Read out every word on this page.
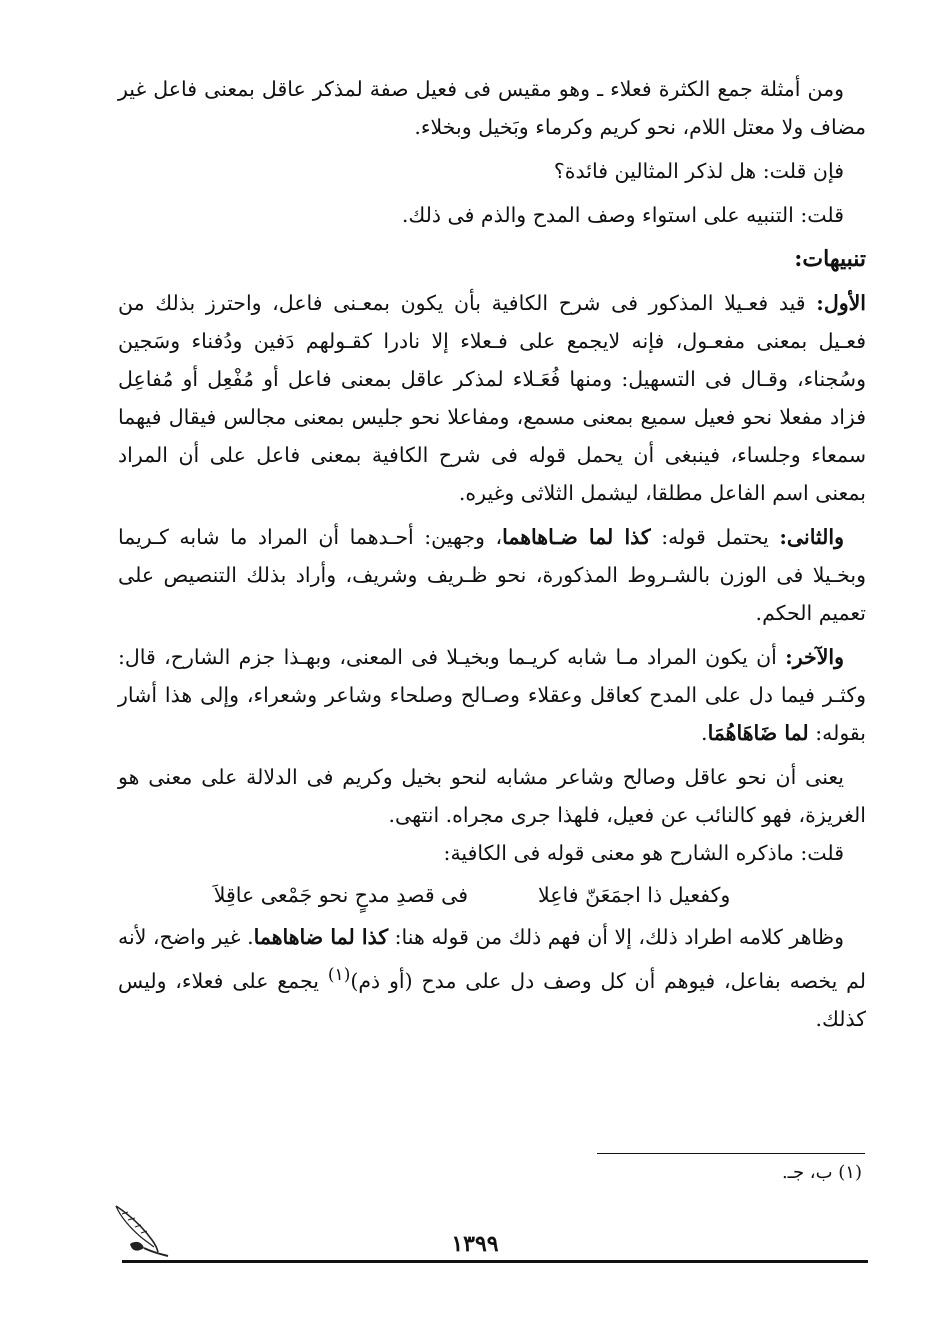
ومن أمثلة جمع الكثرة فعلاء ـ وهو مقيس فى فعيل صفة لمذكر عاقل بمعنى فاعل غير مضاف ولا معتل اللام، نحو كريم وكرماء وبَخيل وبخلاء.

فإن قلت: هل لذكر المثالين فائدة؟

قلت: التنبيه على استواء وصف المدح والذم فى ذلك.

تنبيهات:

الأول: قيد فعـيلا المذكور فى شرح الكافية بأن يكون بمعـنى فاعل، واحترز بذلك من فعـيل بمعنى مفعـول، فإنه لايجمع على فـعلاء إلا نادرا كقـولهم دَفين ودُفناء وسَجين وسُجناء، وقـال فى التسهيل: ومنها فُعَـلاء لمذكر عاقل بمعنى فاعل أو مُفْعِل أو مُفاعِل فزاد مفعلا نحو فعيل سميع بمعنى مسمع، ومفاعلا نحو جليس بمعنى مجالس فيقال فيهما سمعاء وجلساء، فينبغى أن يحمل قوله فى شرح الكافية بمعنى فاعل على أن المراد بمعنى اسم الفاعل مطلقا، ليشمل الثلاثى وغيره.

والثانى: يحتمل قوله: كذا لما ضـاهاهما، وجهين: أحـدهما أن المراد ما شابه كـريما وبخـيلا فى الوزن بالشـروط المذكورة، نحو ظـريف وشريف، وأراد بذلك التنصيص على تعميم الحكم.

والآخر: أن يكون المراد مـا شابه كريـما وبخيـلا فى المعنى، وبهـذا جزم الشارح، قال: وكثـر فيما دل على المدح كعاقل وعقلاء وصـالح وصلحاء وشاعر وشعراء، وإلى هذا أشار بقوله: لما ضَاهَاهُمَا.

يعنى أن نحو عاقل وصالح وشاعر مشابه لنحو بخيل وكريم فى الدلالة على معنى هو الغريزة، فهو كالنائب عن فعيل، فلهذا جرى مجراه. انتهى.

قلت: ماذكره الشارح هو معنى قوله فى الكافية:

وكفعيل ذا اجمَعَنّ فاعِلا
فى قصدِ مدحٍ نحو جَمْعى عاقِلاَ

وظاهر كلامه اطراد ذلك، إلا أن فهم ذلك من قوله هنا: كذا لما ضاهاهما. غير واضح، لأنه لم يخصه بفاعل، فيوهم أن كل وصف دل على مدح (أو ذم)$^{(١)}$ يجمع على فعلاء، وليس كذلك.

(١) ب، جـ.
١٣٩٩
